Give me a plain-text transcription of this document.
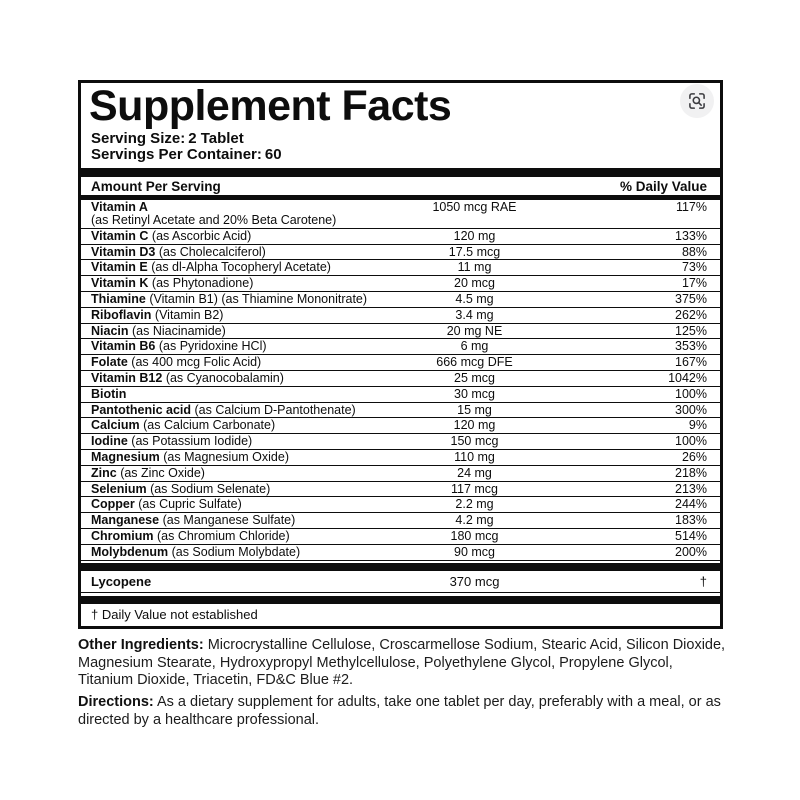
Supplement Facts
Serving Size: 2 Tablet
Servings Per Container: 60
Amount Per Serving	% Daily Value
Vitamin A
(as Retinyl Acetate and 20% Beta Carotene)
1050 mcg RAE	117%
Vitamin C (as Ascorbic Acid)	120 mg	133%
Vitamin D3 (as Cholecalciferol)	17.5 mcg	88%
Vitamin E (as dl-Alpha Tocopheryl Acetate)	11 mg	73%
Vitamin K (as Phytonadione)	20 mcg	17%
Thiamine (Vitamin B1) (as Thiamine Mononitrate)	4.5 mg	375%
Riboflavin (Vitamin B2)	3.4 mg	262%
Niacin (as Niacinamide)	20 mg NE	125%
Vitamin B6 (as Pyridoxine HCl)	6 mg	353%
Folate (as 400 mcg Folic Acid)	666 mcg DFE	167%
Vitamin B12 (as Cyanocobalamin)	25 mcg	1042%
Biotin	30 mcg	100%
Pantothenic acid (as Calcium D-Pantothenate)	15 mg	300%
Calcium (as Calcium Carbonate)	120 mg	9%
Iodine (as Potassium Iodide)	150 mcg	100%
Magnesium (as Magnesium Oxide)	110 mg	26%
Zinc (as Zinc Oxide)	24 mg	218%
Selenium (as Sodium Selenate)	117 mcg	213%
Copper (as Cupric Sulfate)	2.2 mg	244%
Manganese (as Manganese Sulfate)	4.2 mg	183%
Chromium (as Chromium Chloride)	180 mcg	514%
Molybdenum (as Sodium Molybdate)	90 mcg	200%
Lycopene	370 mcg	†
† Daily Value not established
Other Ingredients: Microcrystalline Cellulose, Croscarmellose Sodium, Stearic Acid, Silicon Dioxide, Magnesium Stearate, Hydroxypropyl Methylcellulose, Polyethylene Glycol, Propylene Glycol, Titanium Dioxide, Triacetin, FD&C Blue #2.
Directions: As a dietary supplement for adults, take one tablet per day, preferably with a meal, or as directed by a healthcare professional.
